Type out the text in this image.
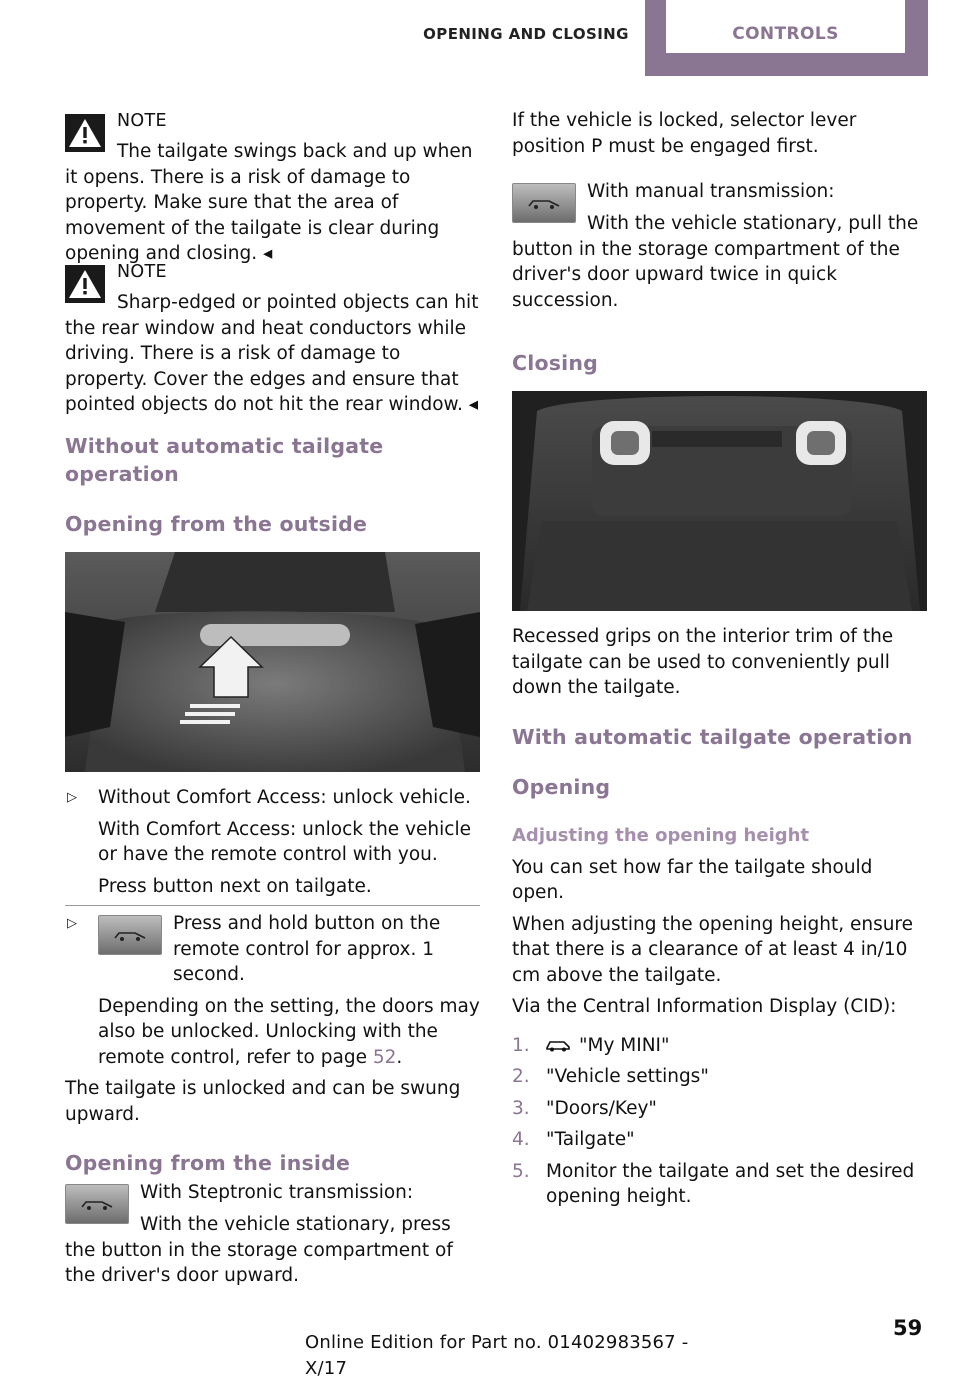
OPENING AND CLOSING	CONTROLS

NOTE

The tailgate swings back and up when it opens. There is a risk of damage to property. Make sure that the area of movement of the tailgate is clear during opening and closing. ◂

NOTE

Sharp-edged or pointed objects can hit the rear window and heat conductors while driving. There is a risk of damage to property. Cover the edges and ensure that pointed objects do not hit the rear window. ◂

Without automatic tailgate operation
Opening from the outside
▷	Without Comfort Access: unlock vehicle.

With Comfort Access: unlock the vehicle or have the remote control with you.

Press button next on tailgate.

▷	Press and hold button on the remote control for approx. 1 second.

Depending on the setting, the doors may also be unlocked. Unlocking with the remote control, refer to page 52.

The tailgate is unlocked and can be swung upward.

Opening from the inside

With Steptronic transmission:

With the vehicle stationary, press the button in the storage compartment of the driver's door upward.

If the vehicle is locked, selector lever position P must be engaged first.

With manual transmission:

With the vehicle stationary, pull the button in the storage compartment of the driver's door upward twice in quick succession.

Closing

Recessed grips on the interior trim of the tailgate can be used to conveniently pull down the tailgate.

With automatic tailgate operation
Opening
Adjusting the opening height

You can set how far the tailgate should open.

When adjusting the opening height, ensure that there is a clearance of at least 4 in/10 cm above the tailgate.

Via the Central Information Display (CID):

1.	"My MINI"
2. "Vehicle settings"
3. "Doors/Key"
4. "Tailgate"
5. Monitor the tailgate and set the desired opening height.
59
Online Edition for Part no. 01402983567 - X/17
